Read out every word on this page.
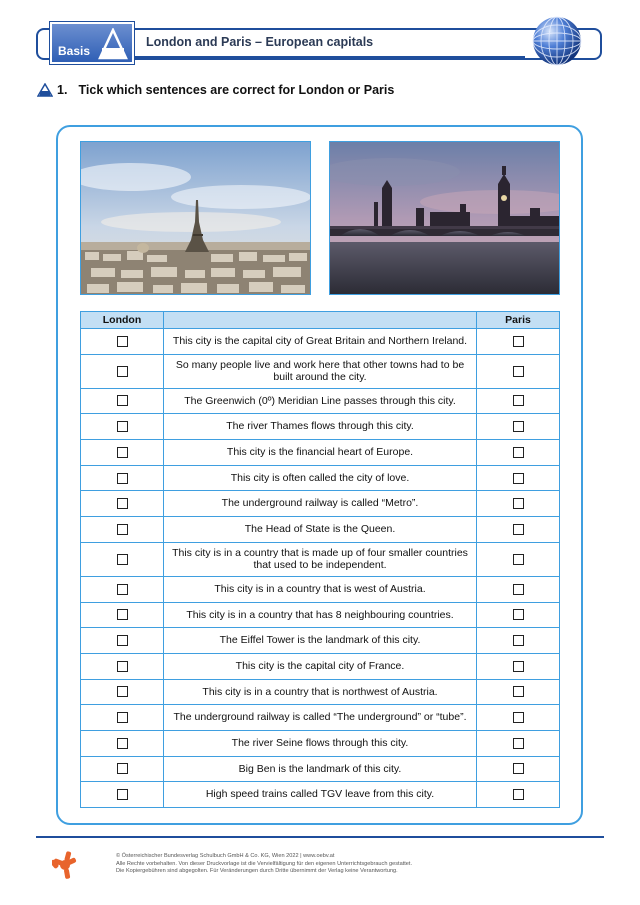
Basis
London and Paris – European capitals
1. Tick which sentences are correct for London or Paris
London		Paris
	This city is the capital city of Great Britain and Northern Ireland.	
	So many people live and work here that other towns had to be built around the city.	
	The Greenwich (0º) Meridian Line passes through this city.	
	The river Thames flows through this city.	
	This city is the financial heart of Europe.	
	This city is often called the city of love.	
	The underground railway is called “Metro”.	
	The Head of State is the Queen.	
	This city is in a country that is made up of four smaller countries that used to be independent.	
	This city is in a country that is west of Austria.	
	This city is in a country that has 8 neighbouring countries.	
	The Eiffel Tower is the landmark of this city.	
	This city is the capital city of France.	
	This city is in a country that is northwest of Austria.	
	The underground railway is called “The underground” or “tube”.	
	The river Seine flows through this city.	
	Big Ben is the landmark of this city.	
	High speed trains called TGV leave from this city.	
© Österreichischer Bundesverlag Schulbuch GmbH & Co. KG, Wien 2022 | www.oebv.at
Alle Rechte vorbehalten. Von dieser Druckvorlage ist die Vervielfältigung für den eigenen Unterrichtsgebrauch gestattet.
Die Kopiergebühren sind abgegolten. Für Veränderungen durch Dritte übernimmt der Verlag keine Verantwortung.
